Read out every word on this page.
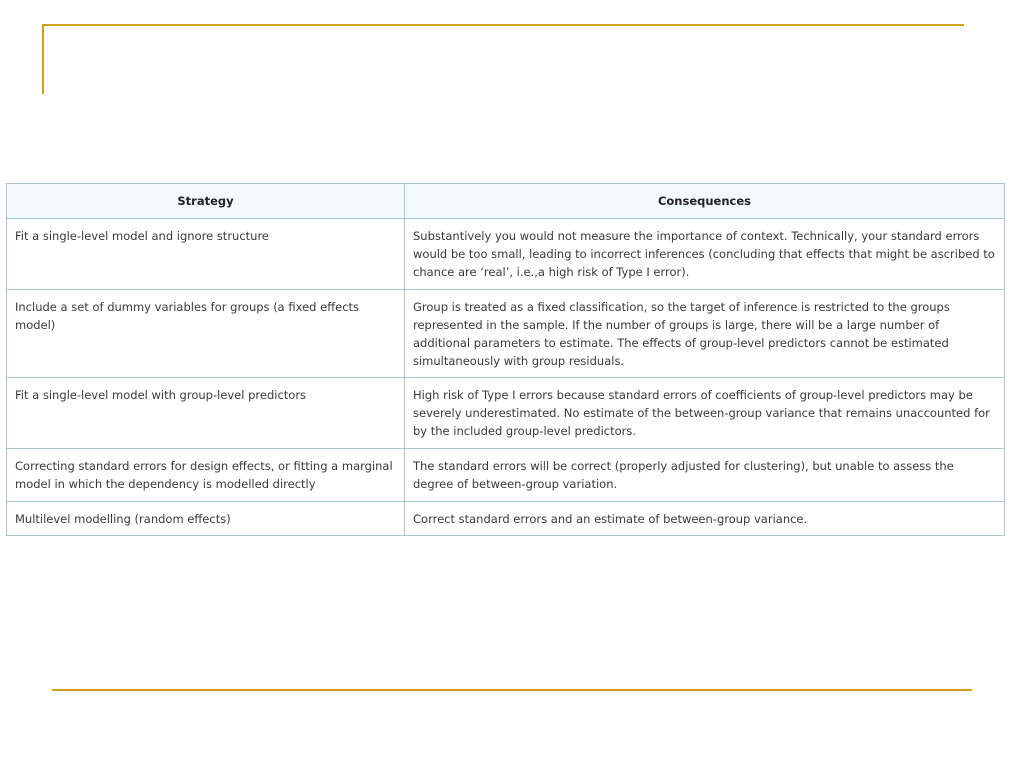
Strategy	Consequences
Fit a single-level model and ignore structure	Substantively you would not measure the importance of context. Technically, your standard errors would be too small, leading to incorrect inferences (concluding that effects that might be ascribed to chance are ‘real’, i.e.,a high risk of Type I error).
Include a set of dummy variables for groups (a fixed effects model)	Group is treated as a fixed classification, so the target of inference is restricted to the groups represented in the sample. If the number of groups is large, there will be a large number of additional parameters to estimate. The effects of group-level predictors cannot be estimated simultaneously with group residuals.
Fit a single-level model with group-level predictors	High risk of Type I errors because standard errors of coefficients of group-level predictors may be severely underestimated. No estimate of the between-group variance that remains unaccounted for by the included group-level predictors.
Correcting standard errors for design effects, or fitting a marginal model in which the dependency is modelled directly	The standard errors will be correct (properly adjusted for clustering), but unable to assess the degree of between-group variation.
Multilevel modelling (random effects)	Correct standard errors and an estimate of between-group variance.
